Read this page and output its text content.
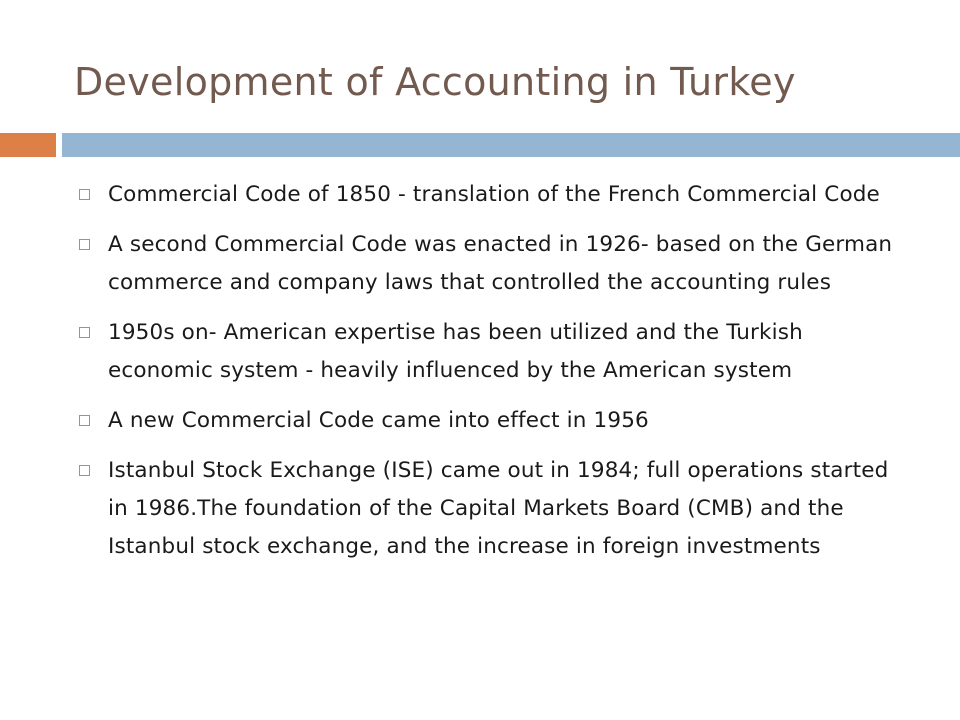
Development of Accounting in Turkey
Commercial Code of 1850 - translation of the French Commercial Code
A second Commercial Code was enacted in 1926- based on the German commerce and company laws that controlled the accounting rules
1950s on- American expertise has been utilized and the Turkish economic system - heavily influenced by the American system
A new Commercial Code came into effect in 1956
Istanbul Stock Exchange (ISE) came out in 1984; full operations started in 1986.The foundation of the Capital Markets Board (CMB) and the Istanbul stock exchange, and the increase in foreign investments
